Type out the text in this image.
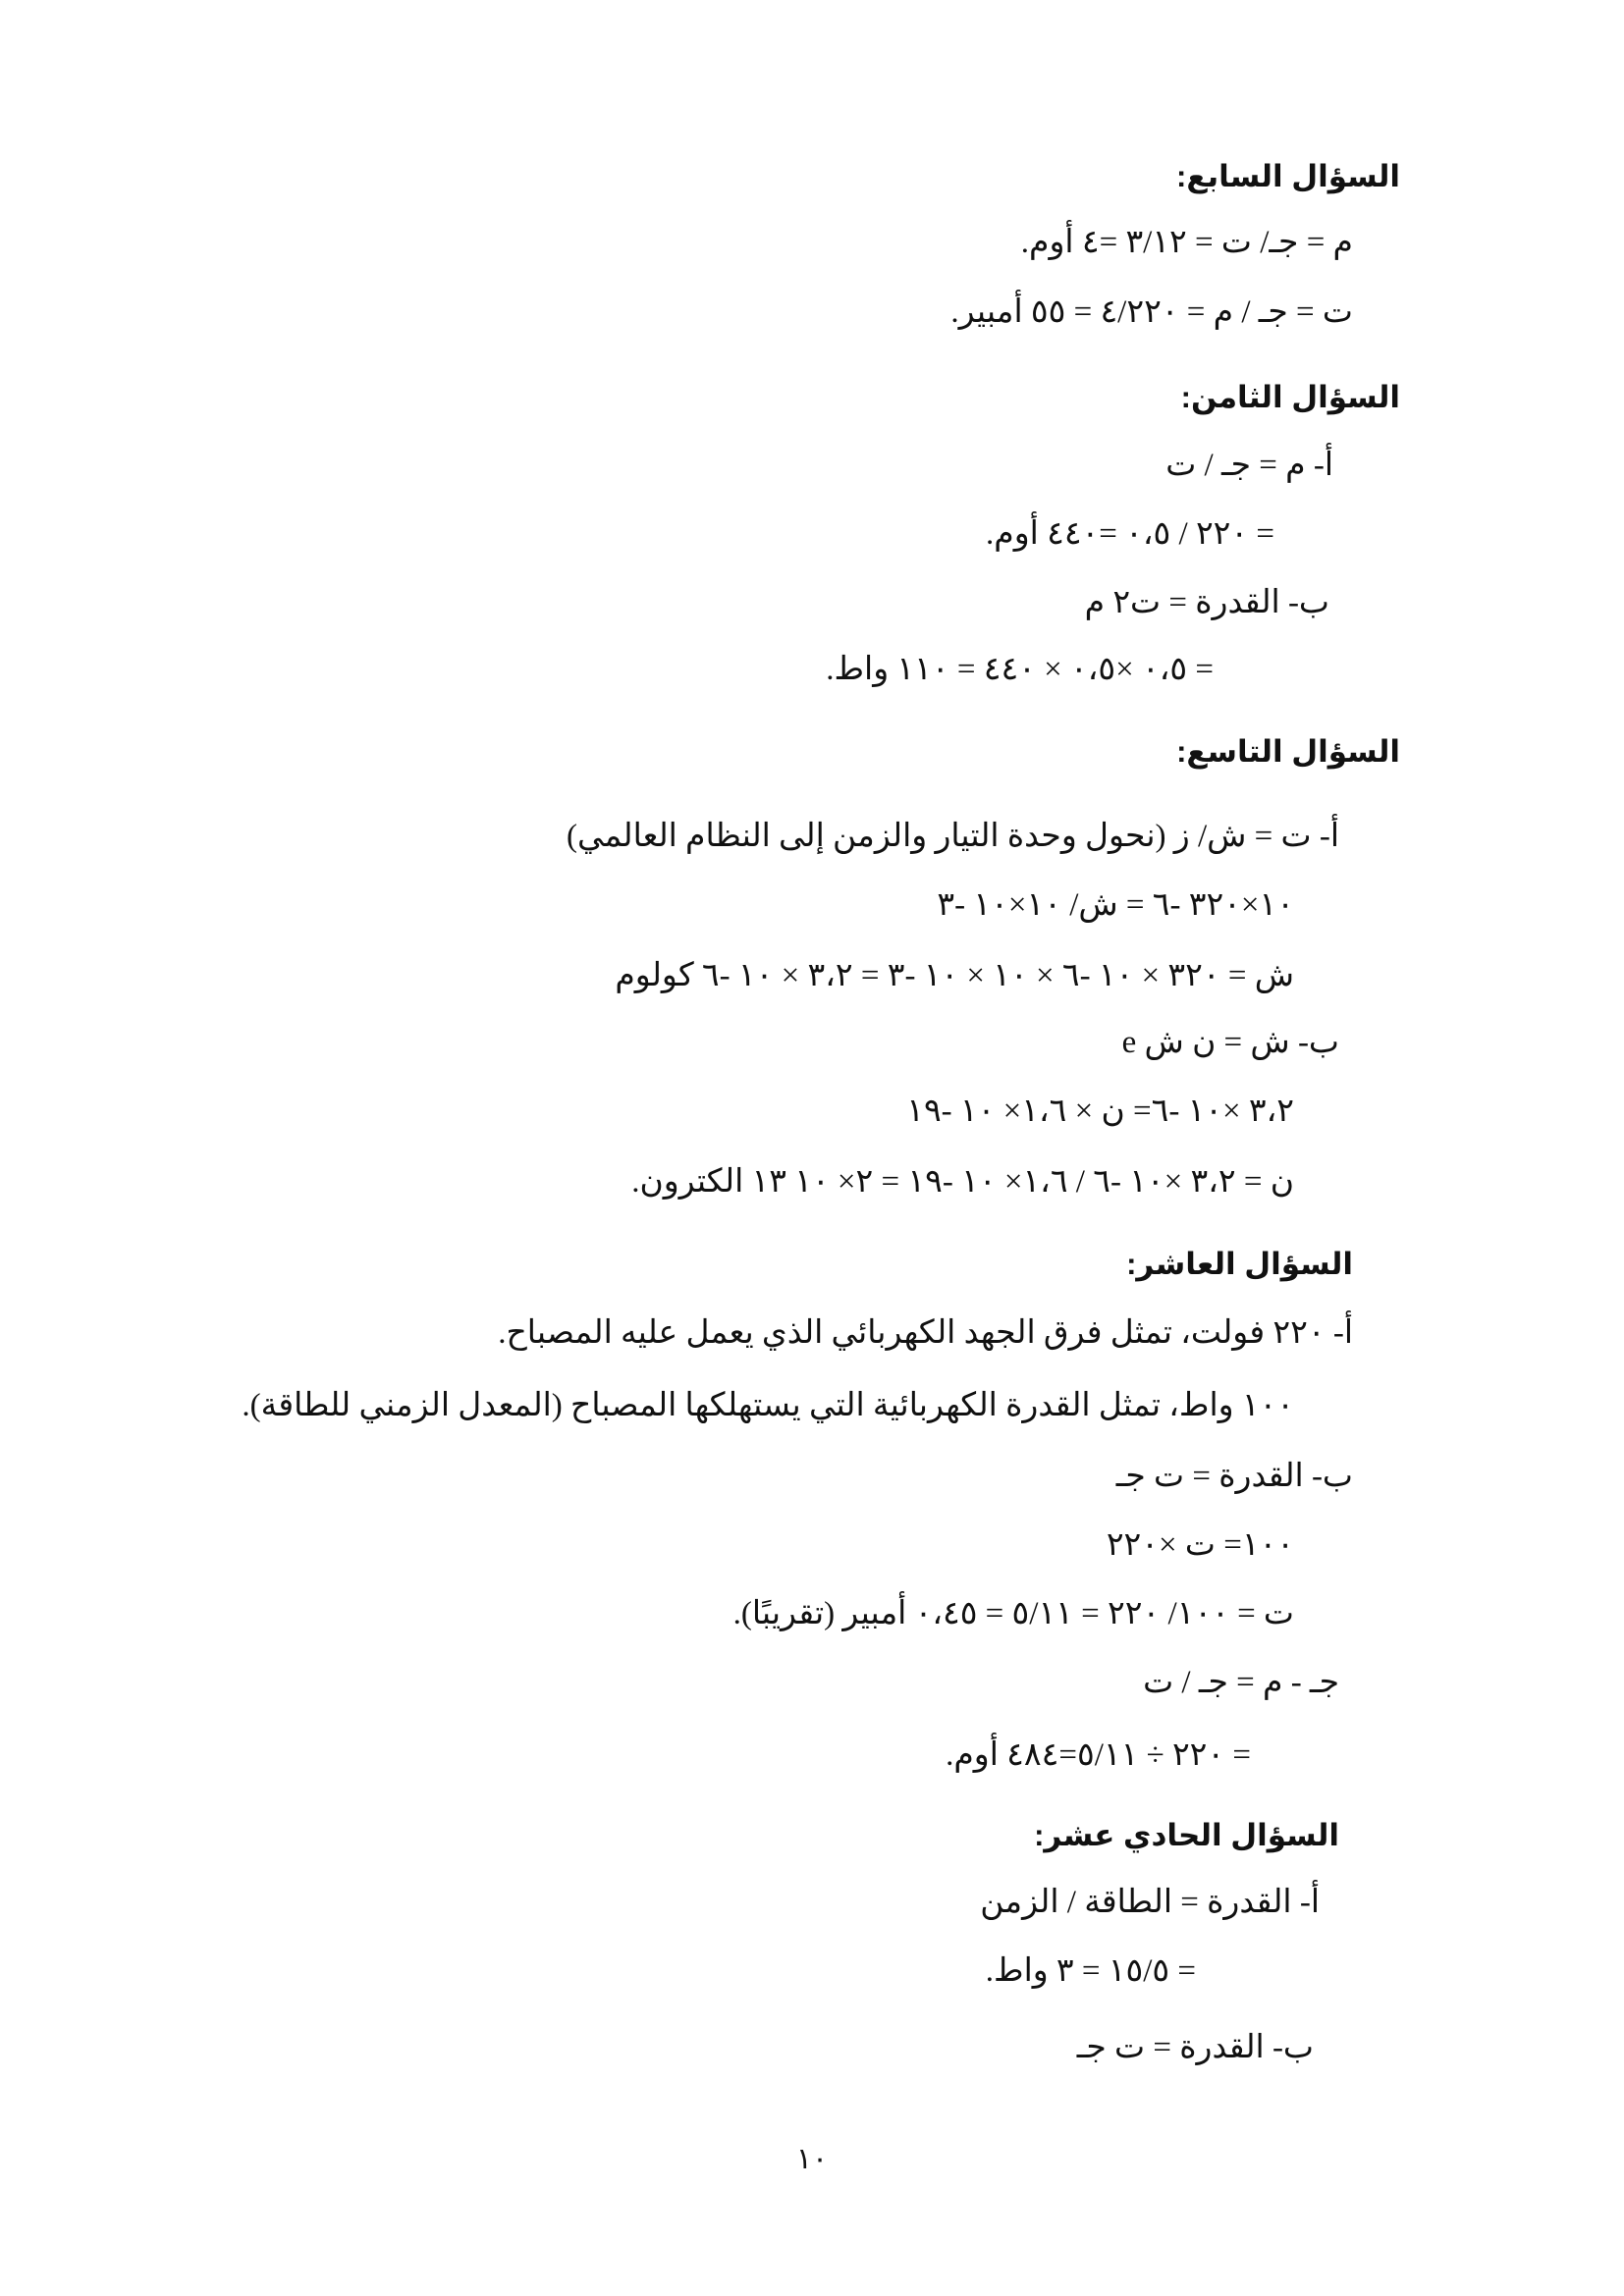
السؤال السابع:
م = جـ/ ت = ٣/١٢ =٤ أوم.
ت = جـ / م = ٤/٢٢٠ = ٥٥ أمبير.
السؤال الثامن:
أ- م = جـ / ت
= ٢٢٠ / ٠،٥ =٤٤٠ أوم.
ب- القدرة = ت٢ م
= ٠،٥ ×٠،٥ × ٤٤٠ = ١١٠ واط.
السؤال التاسع:
أ- ت = ش/ ز (نحول وحدة التيار والزمن إلى النظام العالمي)
١٠×٣٢٠ -٦ = ش/ ١٠×١٠ -٣
ش = ٣٢٠ × ١٠ -٦ × ١٠ × ١٠ -٣ = ٣،٢ × ١٠ -٦ كولوم
ب- ش = ن ش e
٣،٢ ×١٠ -٦= ن × ١،٦× ١٠ -١٩
ن = ٣،٢ ×١٠ -٦ / ١،٦× ١٠ -١٩ = ٢× ١٠ ١٣ الكترون.
السؤال العاشر:
أ- ٢٢٠ فولت، تمثل فرق الجهد الكهربائي الذي يعمل عليه المصباح.
١٠٠ واط، تمثل القدرة الكهربائية التي يستهلكها المصباح (المعدل الزمني للطاقة).
ب- القدرة = ت جـ
١٠٠= ت ×٢٢٠
ت = ١٠٠/ ٢٢٠ = ٥/١١ = ٠،٤٥ أمبير (تقريبًا).
جـ - م = جـ / ت
= ٢٢٠ ÷ ٥/١١=٤٨٤ أوم.
السؤال الحادي عشر:
أ- القدرة = الطاقة / الزمن
= ١٥/٥ = ٣ واط.
ب- القدرة = ت جـ
١٠
